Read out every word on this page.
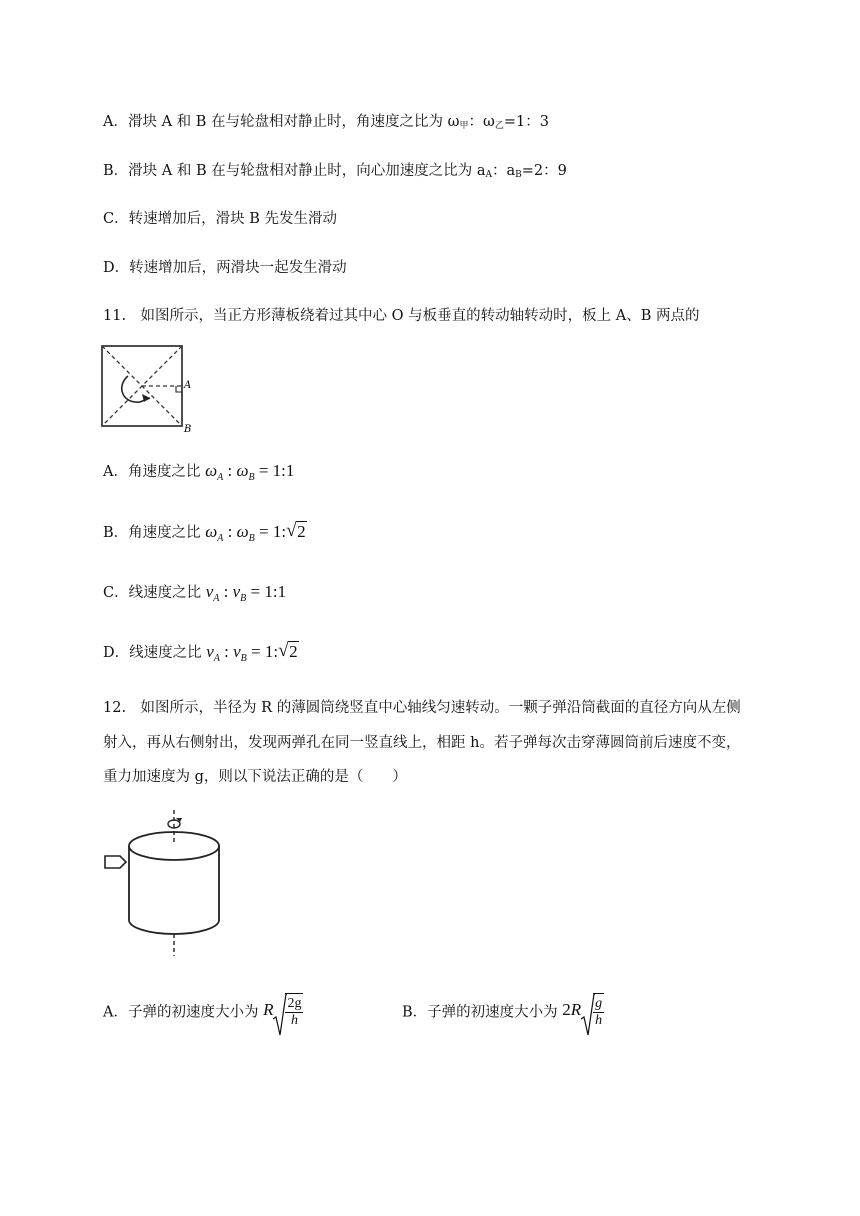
A．滑块 A 和 B 在与轮盘相对静止时，角速度之比为 ω甲：ω乙=1：3
B．滑块 A 和 B 在与轮盘相对静止时，向心加速度之比为 aA：aB=2：9
C．转速增加后，滑块 B 先发生滑动
D．转速增加后，两滑块一起发生滑动
11.　如图所示，当正方形薄板绕着过其中心 O 与板垂直的转动轴转动时，板上 A、B 两点的
A
B
A．角速度之比 $\omega_A$ : $\omega_B$ = 1:1
B．角速度之比 $\omega_A$ : $\omega_B$ = 1:√ 2
C．线速度之比 $v_A$ : $v_B$ = 1:1
D．线速度之比 $v_A$ : $v_B$ = 1:√ 2
12.　如图所示，半径为 R 的薄圆筒绕竖直中心轴线匀速转动。一颗子弹沿筒截面的直径方向从左侧
射入，再从右侧射出，发现两弹孔在同一竖直线上，相距 h。若子弹每次击穿薄圆筒前后速度不变，
重力加速度为 g，则以下说法正确的是（　　）
A．子弹的初速度大小为 R $\frac{2g}{h}$	B．子弹的初速度大小为 $2R \frac{g}{h}$
